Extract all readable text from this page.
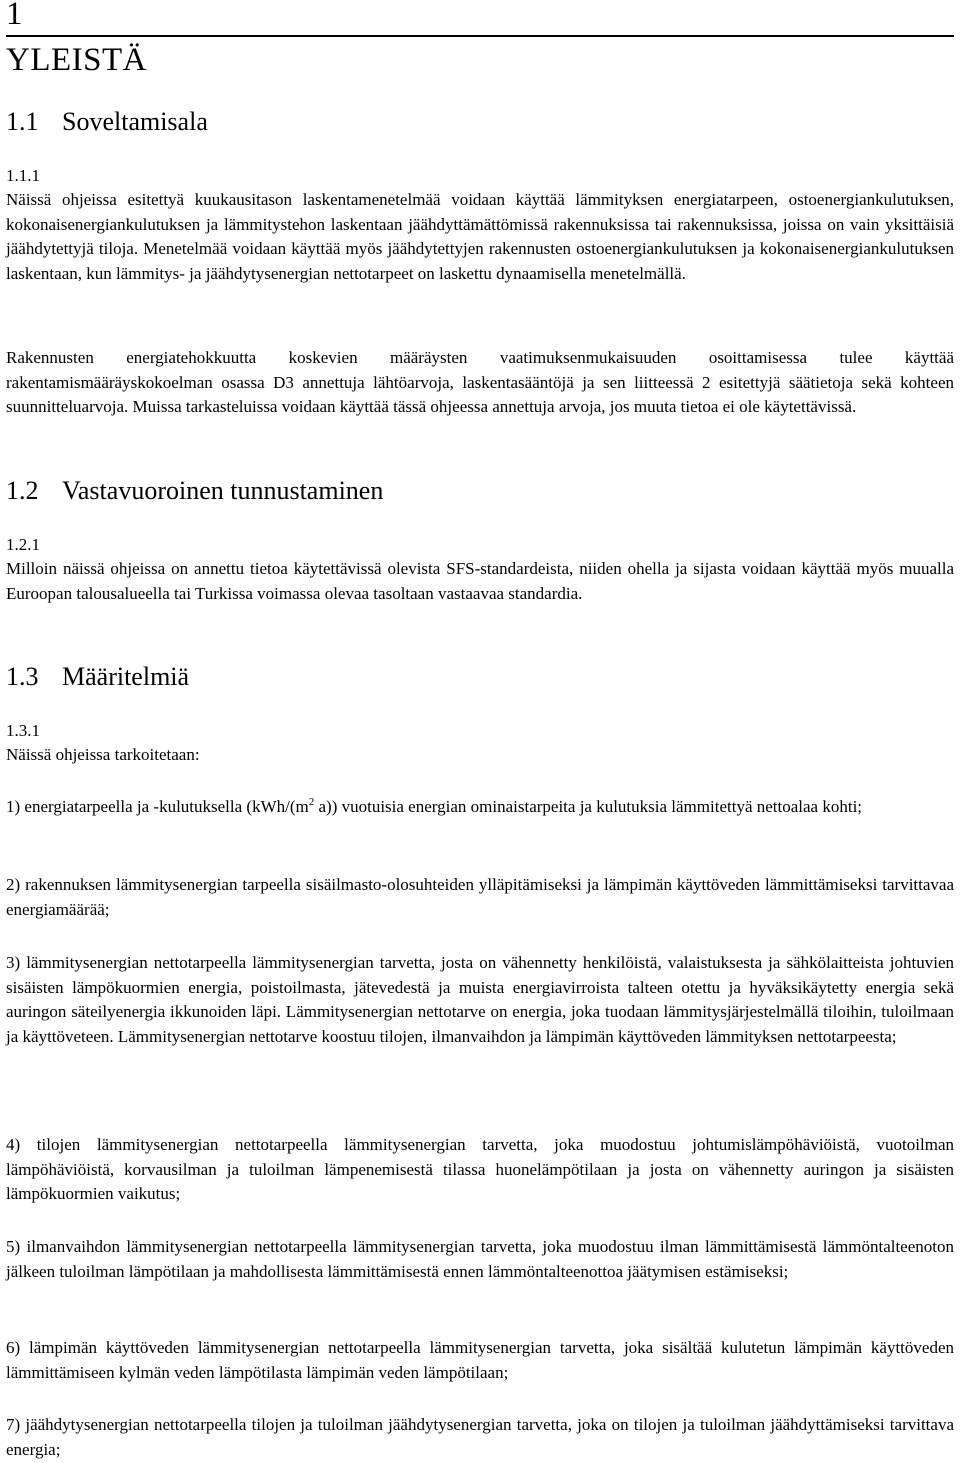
1
YLEISTÄ
1.1 Soveltamisala
1.1.1
Näissä ohjeissa esitettyä kuukausitason laskentamenetelmää voidaan käyttää lämmityksen energiatarpeen, ostoenergiankulutuksen, kokonaisenergiankulutuksen ja lämmitystehon laskentaan jäähdyttämättömissä rakennuksissa tai rakennuksissa, joissa on vain yksittäisiä jäähdytettyjä tiloja. Menetelmää voidaan käyttää myös jäähdytettyjen rakennusten ostoenergiankulutuksen ja kokonaisenergiankulutuksen laskentaan, kun lämmitys- ja jäähdytysenergian nettotarpeet on laskettu dynaamisella menetelmällä.
Rakennusten energiatehokkuutta koskevien määräysten vaatimuksenmukaisuuden osoittamisessa tulee käyttää rakentamismääräyskokoelman osassa D3 annettuja lähtöarvoja, laskentasääntöjä ja sen liitteessä 2 esitettyjä säätietoja sekä kohteen suunnitteluarvoja. Muissa tarkasteluissa voidaan käyttää tässä ohjeessa annettuja arvoja, jos muuta tietoa ei ole käytettävissä.
1.2 Vastavuoroinen tunnustaminen
1.2.1
Milloin näissä ohjeissa on annettu tietoa käytettävissä olevista SFS-standardeista, niiden ohella ja sijasta voidaan käyttää myös muualla Euroopan talousalueella tai Turkissa voimassa olevaa tasoltaan vastaavaa standardia.
1.3 Määritelmiä
1.3.1
Näissä ohjeissa tarkoitetaan:
1) energiatarpeella ja -kulutuksella ($kWh/(m^2$ a)) vuotuisia energian ominaistarpeita ja kulutuksia lämmitettyä nettoalaa kohti;
2) rakennuksen lämmitysenergian tarpeella sisäilmasto-olosuhteiden ylläpitämiseksi ja lämpimän käyttöveden lämmittämiseksi tarvittavaa energiamäärää;
3) lämmitysenergian nettotarpeella lämmitysenergian tarvetta, josta on vähennetty henkilöistä, valaistuksesta ja sähkölaitteista johtuvien sisäisten lämpökuormien energia, poistoilmasta, jätevedestä ja muista energiavirroista talteen otettu ja hyväksikäytetty energia sekä auringon säteilyenergia ikkunoiden läpi. Lämmitysenergian nettotarve on energia, joka tuodaan lämmitysjärjestelmällä tiloihin, tuloilmaan ja käyttöveteen. Lämmitysenergian nettotarve koostuu tilojen, ilmanvaihdon ja lämpimän käyttöveden lämmityksen nettotarpeesta;
4) tilojen lämmitysenergian nettotarpeella lämmitysenergian tarvetta, joka muodostuu johtumislämpöhäviöistä, vuotoilman lämpöhäviöistä, korvausilman ja tuloilman lämpenemisestä tilassa huonelämpötilaan ja josta on vähennetty auringon ja sisäisten lämpökuormien vaikutus;
5) ilmanvaihdon lämmitysenergian nettotarpeella lämmitysenergian tarvetta, joka muodostuu ilman lämmittämisestä lämmöntalteenoton jälkeen tuloilman lämpötilaan ja mahdollisesta lämmittämisestä ennen lämmöntalteenottoa jäätymisen estämiseksi;
6) lämpimän käyttöveden lämmitysenergian nettotarpeella lämmitysenergian tarvetta, joka sisältää kulutetun lämpimän käyttöveden lämmittämiseen kylmän veden lämpötilasta lämpimän veden lämpötilaan;
7) jäähdytysenergian nettotarpeella tilojen ja tuloilman jäähdytysenergian tarvetta, joka on tilojen ja tuloilman jäähdyttämiseksi tarvittava energia;
